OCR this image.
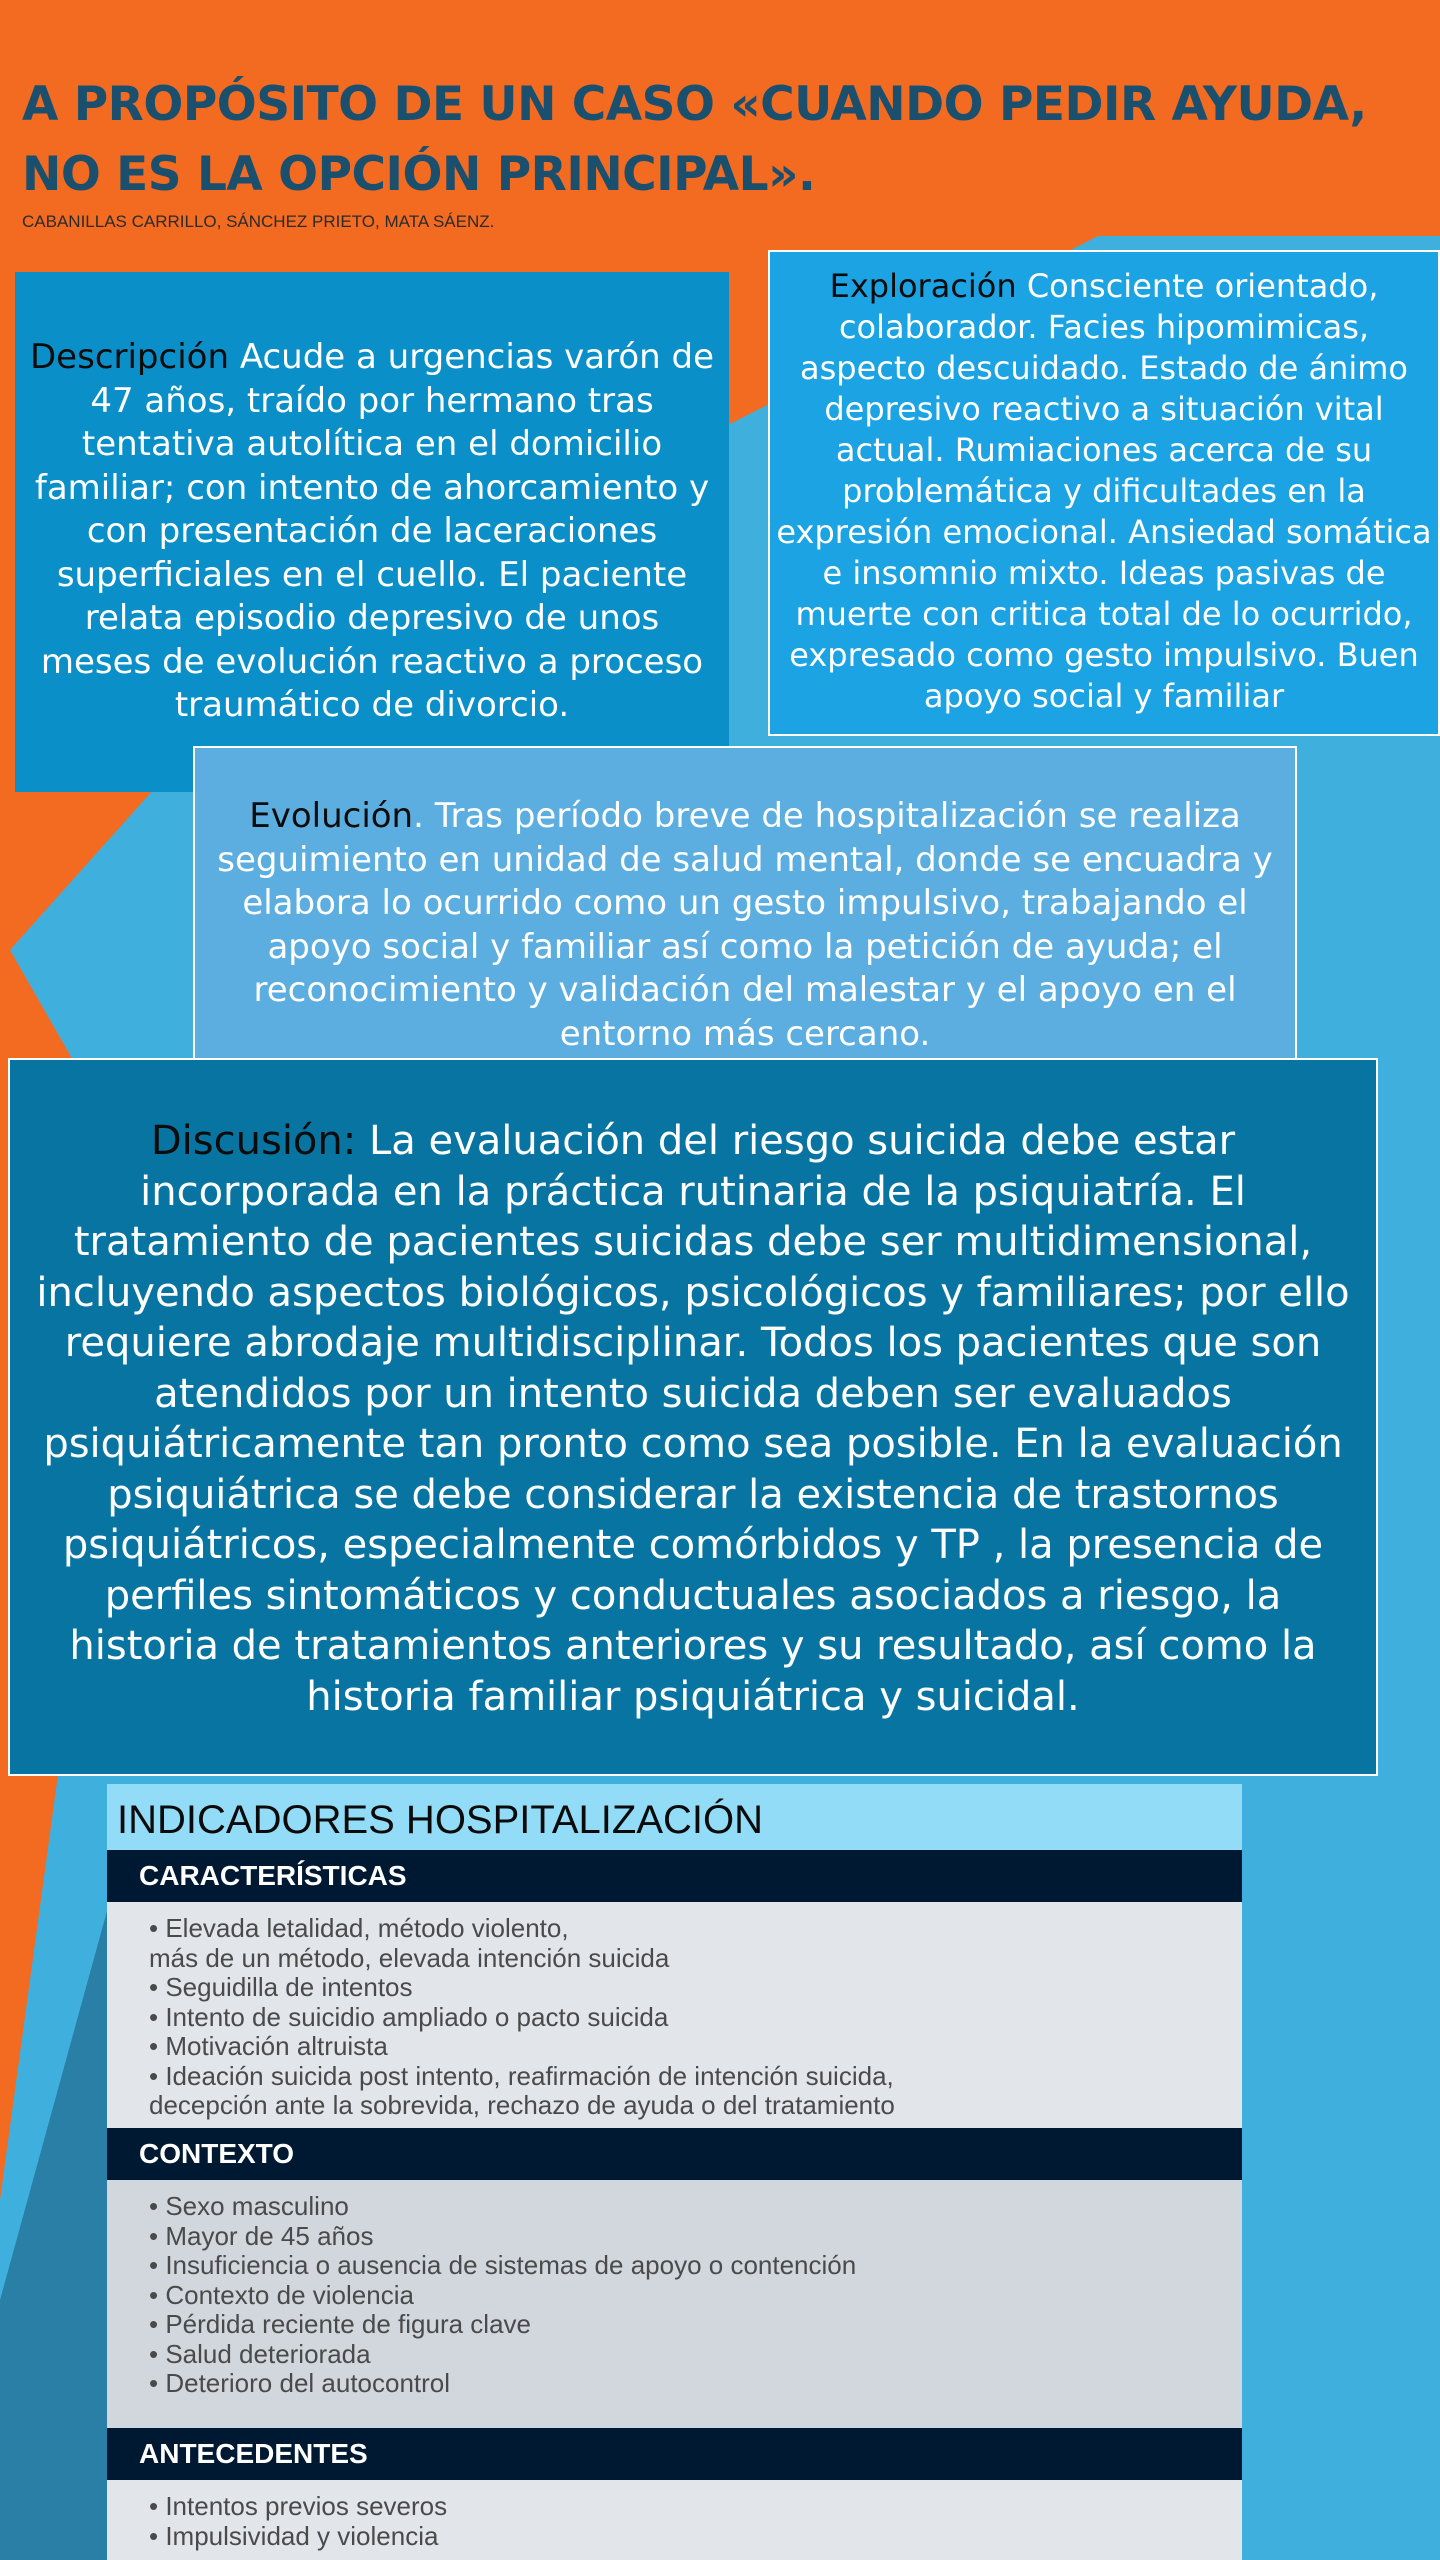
A PROPÓSITO DE UN CASO «CUANDO PEDIR AYUDA, NO ES LA OPCIÓN PRINCIPAL».

CABANILLAS CARRILLO, SÁNCHEZ PRIETO, MATA SÁENZ.

Descripción Acude a urgencias varón de 47 años, traído por hermano tras tentativa autolítica en el domicilio familiar; con intento de ahorcamiento y con presentación de laceraciones superficiales en el cuello. El paciente relata episodio depresivo de unos meses de evolución reactivo a proceso traumático de divorcio.
Exploración Consciente orientado, colaborador. Facies hipomimicas, aspecto descuidado. Estado de ánimo depresivo reactivo a situación vital actual. Rumiaciones acerca de su problemática y dificultades en la expresión emocional. Ansiedad somática e insomnio mixto. Ideas pasivas de muerte con critica total de lo ocurrido, expresado como gesto impulsivo. Buen apoyo social y familiar
Evolución. Tras período breve de hospitalización se realiza seguimiento en unidad de salud mental, donde se encuadra y elabora lo ocurrido como un gesto impulsivo, trabajando el apoyo social y familiar así como la petición de ayuda; el reconocimiento y validación del malestar y el apoyo en el entorno más cercano.
Discusión: La evaluación del riesgo suicida debe estar incorporada en la práctica rutinaria de la psiquiatría. El tratamiento de pacientes suicidas debe ser multidimensional, incluyendo aspectos biológicos, psicológicos y familiares; por ello requiere abrodaje multidisciplinar. Todos los pacientes que son atendidos por un intento suicida deben ser evaluados psiquiátricamente tan pronto como sea posible. En la evaluación psiquiátrica se debe considerar la existencia de trastornos psiquiátricos, especialmente comórbidos y TP , la presencia de perfiles sintomáticos y conductuales asociados a riesgo, la historia de tratamientos anteriores y su resultado, así como la historia familiar psiquiátrica y suicidal.
INDICADORES HOSPITALIZACIÓN
CARACTERÍSTICAS
• Elevada letalidad, método violento,
más de un método, elevada intención suicida
• Seguidilla de intentos
• Intento de suicidio ampliado o pacto suicida
• Motivación altruista
• Ideación suicida post intento, reafirmación de intención suicida,
decepción ante la sobrevida, rechazo de ayuda o del tratamiento
CONTEXTO
• Sexo masculino
• Mayor de 45 años
• Insuficiencia o ausencia de sistemas de apoyo o contención
• Contexto de violencia
• Pérdida reciente de figura clave
• Salud deteriorada
• Deterioro del autocontrol
ANTECEDENTES
• Intentos previos severos
• Impulsividad y violencia
